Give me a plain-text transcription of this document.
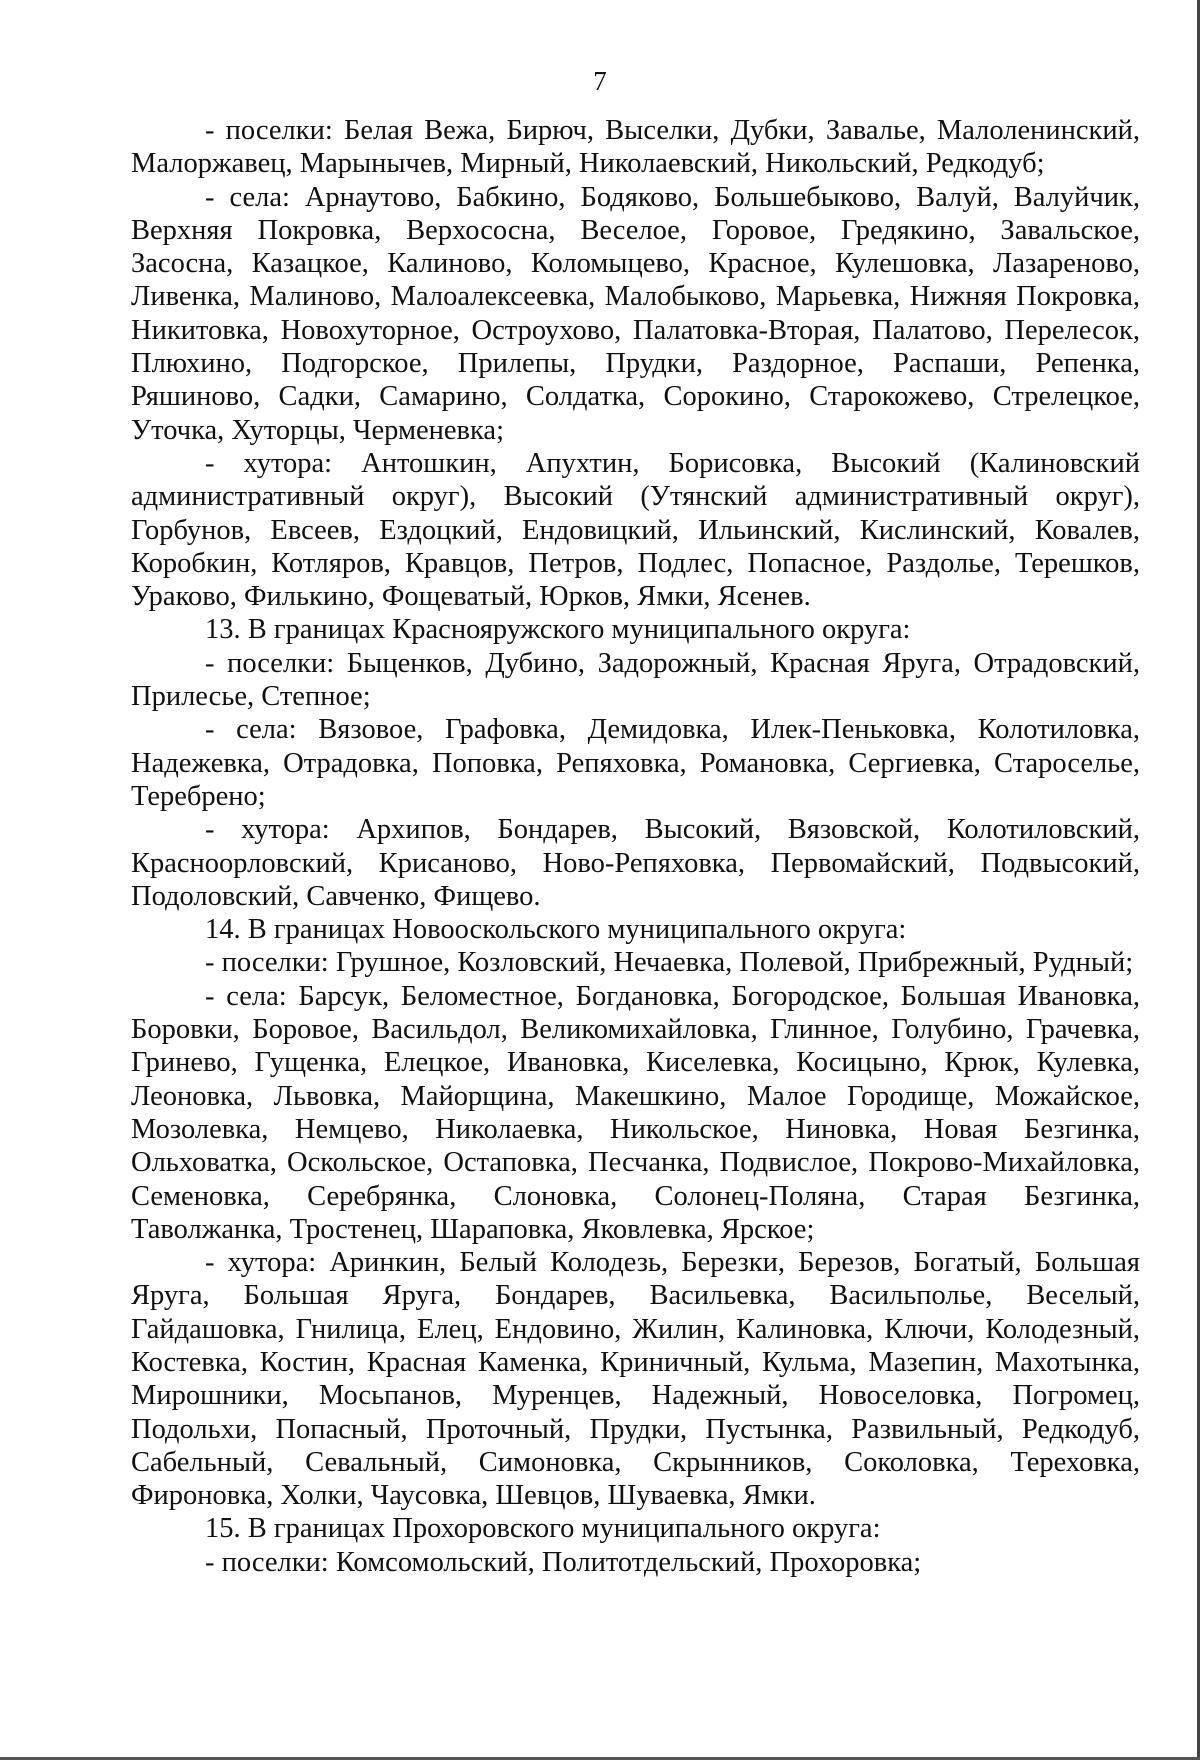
7

- поселки: Белая Вежа, Бирюч, Выселки, Дубки, Завалье, Малоленинский, Малоржавец, Марынычев, Мирный, Николаевский, Никольский, Редкодуб;

- села: Арнаутово, Бабкино, Бодяково, Большебыково, Валуй, Валуйчик, Верхняя Покровка, Верхососна, Веселое, Горовое, Гредякино, Завальское, Засосна, Казацкое, Калиново, Коломыцево, Красное, Кулешовка, Лазареново, Ливенка, Малиново, Малоалексеевка, Малобыково, Марьевка, Нижняя Покровка, Никитовка, Новохуторное, Остроухово, Палатовка-Вторая, Палатово, Перелесок, Плюхино, Подгорское, Прилепы, Прудки, Раздорное, Распаши, Репенка, Ряшиново, Садки, Самарино, Солдатка, Сорокино, Старокожево, Стрелецкое, Уточка, Хуторцы, Черменевка;

- хутора: Антошкин, Апухтин, Борисовка, Высокий (Калиновский административный округ), Высокий (Утянский административный округ), Горбунов, Евсеев, Ездоцкий, Ендовицкий, Ильинский, Кислинский, Ковалев, Коробкин, Котляров, Кравцов, Петров, Подлес, Попасное, Раздолье, Терешков, Ураково, Филькино, Фощеватый, Юрков, Ямки, Ясенев.

13. В границах Краснояружского муниципального округа:

- поселки: Быценков, Дубино, Задорожный, Красная Яруга, Отрадовский, Прилесье, Степное;

- села: Вязовое, Графовка, Демидовка, Илек-Пеньковка, Колотиловка, Надежевка, Отрадовка, Поповка, Репяховка, Романовка, Сергиевка, Староселье, Теребрено;

- хутора: Архипов, Бондарев, Высокий, Вязовской, Колотиловский, Красноорловский, Крисаново, Ново-Репяховка, Первомайский, Подвысокий, Подоловский, Савченко, Фищево.

14. В границах Новооскольского муниципального округа:

- поселки: Грушное, Козловский, Нечаевка, Полевой, Прибрежный, Рудный;

- села: Барсук, Беломестное, Богдановка, Богородское, Большая Ивановка, Боровки, Боровое, Васильдол, Великомихайловка, Глинное, Голубино, Грачевка, Гринево, Гущенка, Елецкое, Ивановка, Киселевка, Косицыно, Крюк, Кулевка, Леоновка, Львовка, Майорщина, Макешкино, Малое Городище, Можайское, Мозолевка, Немцево, Николаевка, Никольское, Ниновка, Новая Безгинка, Ольховатка, Оскольское, Остаповка, Песчанка, Подвислое, Покрово-Михайловка, Семеновка, Серебрянка, Слоновка, Солонец-Поляна, Старая Безгинка, Таволжанка, Тростенец, Шараповка, Яковлевка, Ярское;

- хутора: Аринкин, Белый Колодезь, Березки, Березов, Богатый, Большая Яруга, Большая Яруга, Бондарев, Васильевка, Васильполье, Веселый, Гайдашовка, Гнилица, Елец, Ендовино, Жилин, Калиновка, Ключи, Колодезный, Костевка, Костин, Красная Каменка, Криничный, Кульма, Мазепин, Махотынка, Мирошники, Мосьпанов, Муренцев, Надежный, Новоселовка, Погромец, Подольхи, Попасный, Проточный, Прудки, Пустынка, Развильный, Редкодуб, Сабельный, Севальный, Симоновка, Скрынников, Соколовка, Тереховка, Фироновка, Холки, Чаусовка, Шевцов, Шуваевка, Ямки.

15. В границах Прохоровского муниципального округа:

- поселки: Комсомольский, Политотдельский, Прохоровка;
